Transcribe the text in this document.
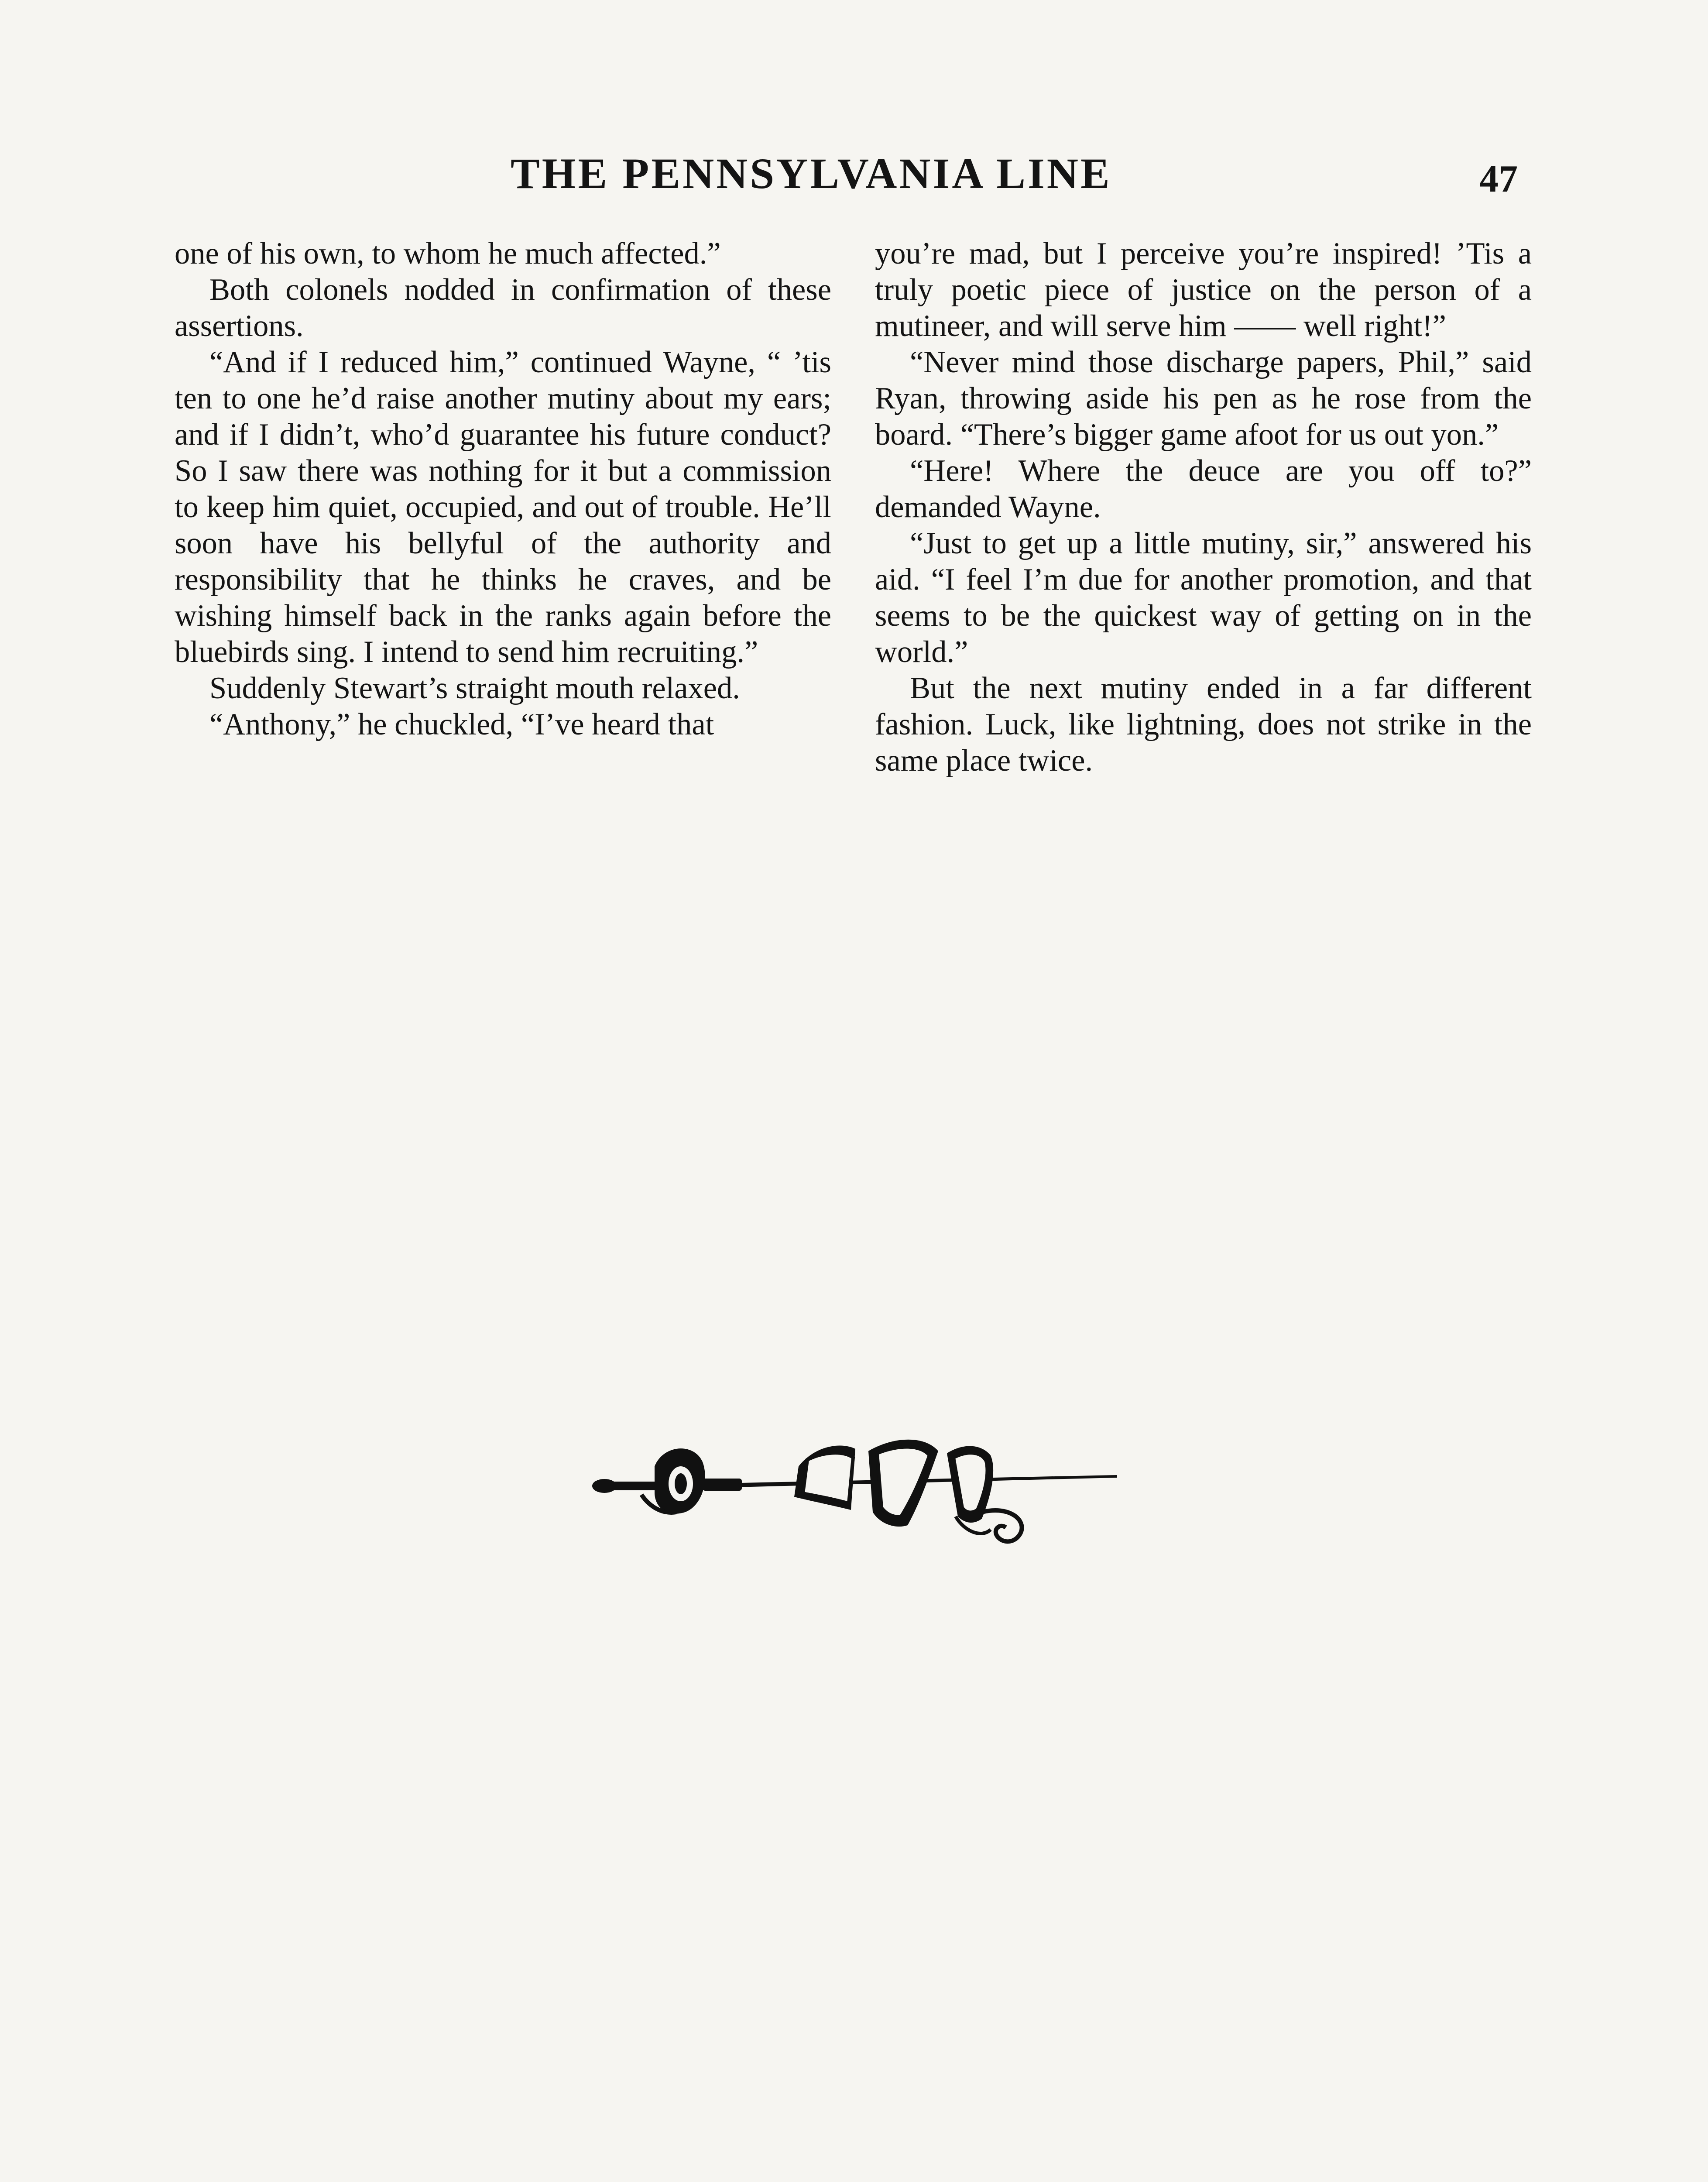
THE PENNSYLVANIA LINE	47

one of his own, to whom he much affected.”

Both colonels nodded in confirmation of these assertions.

“And if I reduced him,” continued Wayne, “ ’tis ten to one he’d raise another mutiny about my ears; and if I didn’t, who’d guarantee his future conduct? So I saw there was nothing for it but a commission to keep him quiet, occupied, and out of trouble. He’ll soon have his bellyful of the authority and responsibility that he thinks he craves, and be wishing himself back in the ranks again before the bluebirds sing. I intend to send him recruiting.”

Suddenly Stewart’s straight mouth relaxed.

“Anthony,” he chuckled, “I’ve heard that

you’re mad, but I perceive you’re inspired! ’Tis a truly poetic piece of justice on the person of a mutineer, and will serve him —— well right!”

“Never mind those discharge papers, Phil,” said Ryan, throwing aside his pen as he rose from the board. “There’s bigger game afoot for us out yon.”

“Here! Where the deuce are you off to?” demanded Wayne.

“Just to get up a little mutiny, sir,” answered his aid. “I feel I’m due for another promotion, and that seems to be the quickest way of getting on in the world.”

But the next mutiny ended in a far different fashion. Luck, like lightning, does not strike in the same place twice.
